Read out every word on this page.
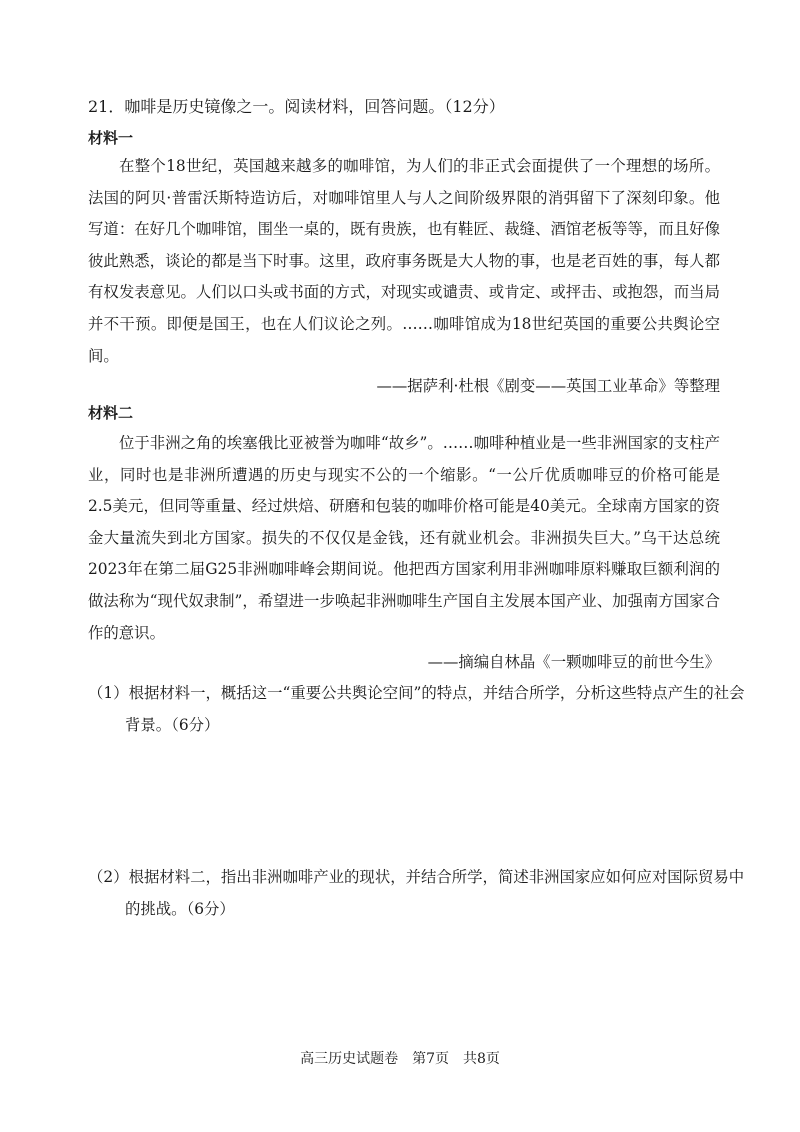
21．咖啡是历史镜像之一。阅读材料，回答问题。（12分）

材料一

在整个18世纪，英国越来越多的咖啡馆，为人们的非正式会面提供了一个理想的场所。法国的阿贝·普雷沃斯特造访后，对咖啡馆里人与人之间阶级界限的消弭留下了深刻印象。他写道：在好几个咖啡馆，围坐一桌的，既有贵族，也有鞋匠、裁缝、酒馆老板等等，而且好像彼此熟悉，谈论的都是当下时事。这里，政府事务既是大人物的事，也是老百姓的事，每人都有权发表意见。人们以口头或书面的方式，对现实或谴责、或肯定、或抨击、或抱怨，而当局并不干预。即便是国王，也在人们议论之列。……咖啡馆成为18世纪英国的重要公共舆论空间。

——据萨利·杜根《剧变——英国工业革命》等整理

材料二

位于非洲之角的埃塞俄比亚被誉为咖啡“故乡”。……咖啡种植业是一些非洲国家的支柱产业，同时也是非洲所遭遇的历史与现实不公的一个缩影。“一公斤优质咖啡豆的价格可能是2.5美元，但同等重量、经过烘焙、研磨和包装的咖啡价格可能是40美元。全球南方国家的资金大量流失到北方国家。损失的不仅仅是金钱，还有就业机会。非洲损失巨大。”乌干达总统2023年在第二届G25非洲咖啡峰会期间说。他把西方国家利用非洲咖啡原料赚取巨额利润的做法称为“现代奴隶制”，希望进一步唤起非洲咖啡生产国自主发展本国产业、加强南方国家合作的意识。

——摘编自林晶《一颗咖啡豆的前世今生》

（1）根据材料一，概括这一“重要公共舆论空间”的特点，并结合所学，分析这些特点产生的社会背景。（6分）

（2）根据材料二，指出非洲咖啡产业的现状，并结合所学，简述非洲国家应如何应对国际贸易中的挑战。（6分）

高三历史试题卷　第7页　共8页
